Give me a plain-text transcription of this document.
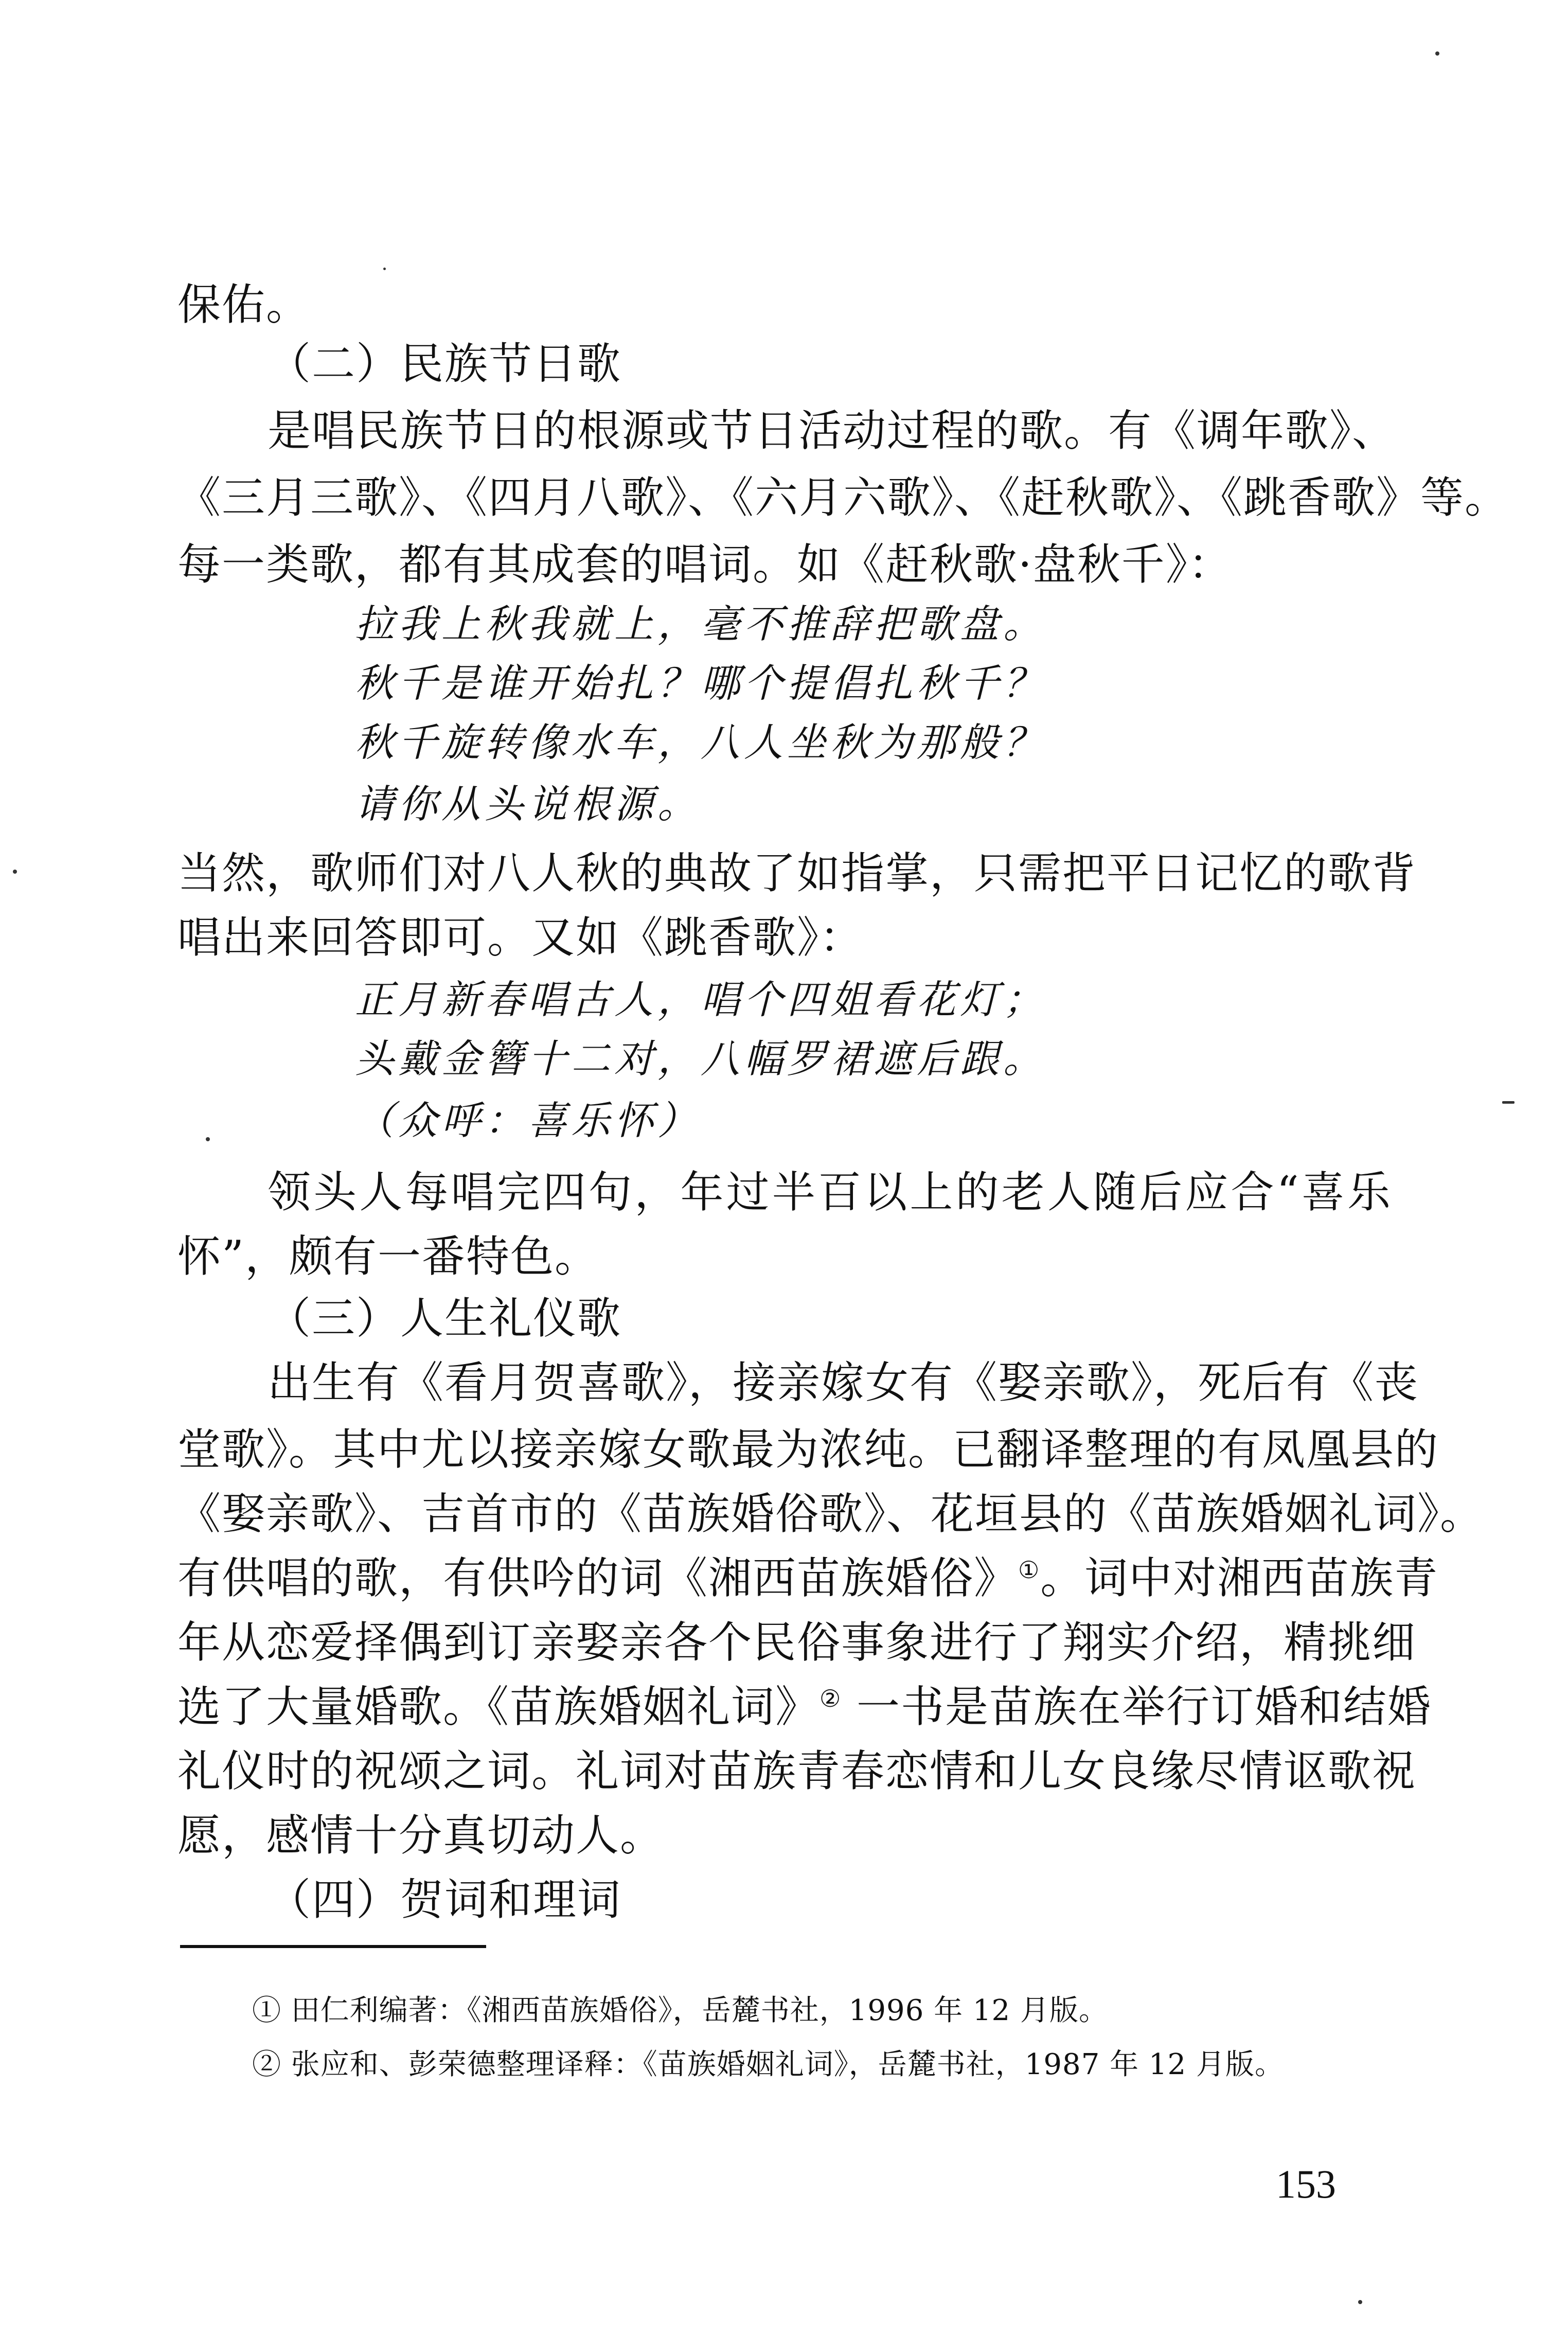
保佑。
（二）民族节日歌
是唱民族节日的根源或节日活动过程的歌。有《调年歌》、
《三月三歌》、《四月八歌》、《六月六歌》、《赶秋歌》、《跳香歌》等。
每一类歌，都有其成套的唱词。如《赶秋歌·盘秋千》：
拉我上秋我就上，毫不推辞把歌盘。
秋千是谁开始扎？哪个提倡扎秋千？
秋千旋转像水车，八人坐秋为那般？
请你从头说根源。
当然，歌师们对八人秋的典故了如指掌，只需把平日记忆的歌背
唱出来回答即可。又如《跳香歌》：
正月新春唱古人，唱个四姐看花灯；
头戴金簪十二对，八幅罗裙遮后跟。
（众呼：喜乐怀）
领头人每唱完四句，年过半百以上的老人随后应合“喜乐
怀”，颇有一番特色。
（三）人生礼仪歌
出生有《看月贺喜歌》，接亲嫁女有《娶亲歌》，死后有《丧
堂歌》。其中尤以接亲嫁女歌最为浓纯。已翻译整理的有凤凰县的
《娶亲歌》、吉首市的《苗族婚俗歌》、花垣县的《苗族婚姻礼词》。
有供唱的歌，有供吟的词《湘西苗族婚俗》①。词中对湘西苗族青
年从恋爱择偶到订亲娶亲各个民俗事象进行了翔实介绍，精挑细
选了大量婚歌。《苗族婚姻礼词》② 一书是苗族在举行订婚和结婚
礼仪时的祝颂之词。礼词对苗族青春恋情和儿女良缘尽情讴歌祝
愿，感情十分真切动人。
（四）贺词和理词
① 田仁利编著：《湘西苗族婚俗》，岳麓书社，1996 年 12 月版。
② 张应和、彭荣德整理译释：《苗族婚姻礼词》，岳麓书社，1987 年 12 月版。
153
